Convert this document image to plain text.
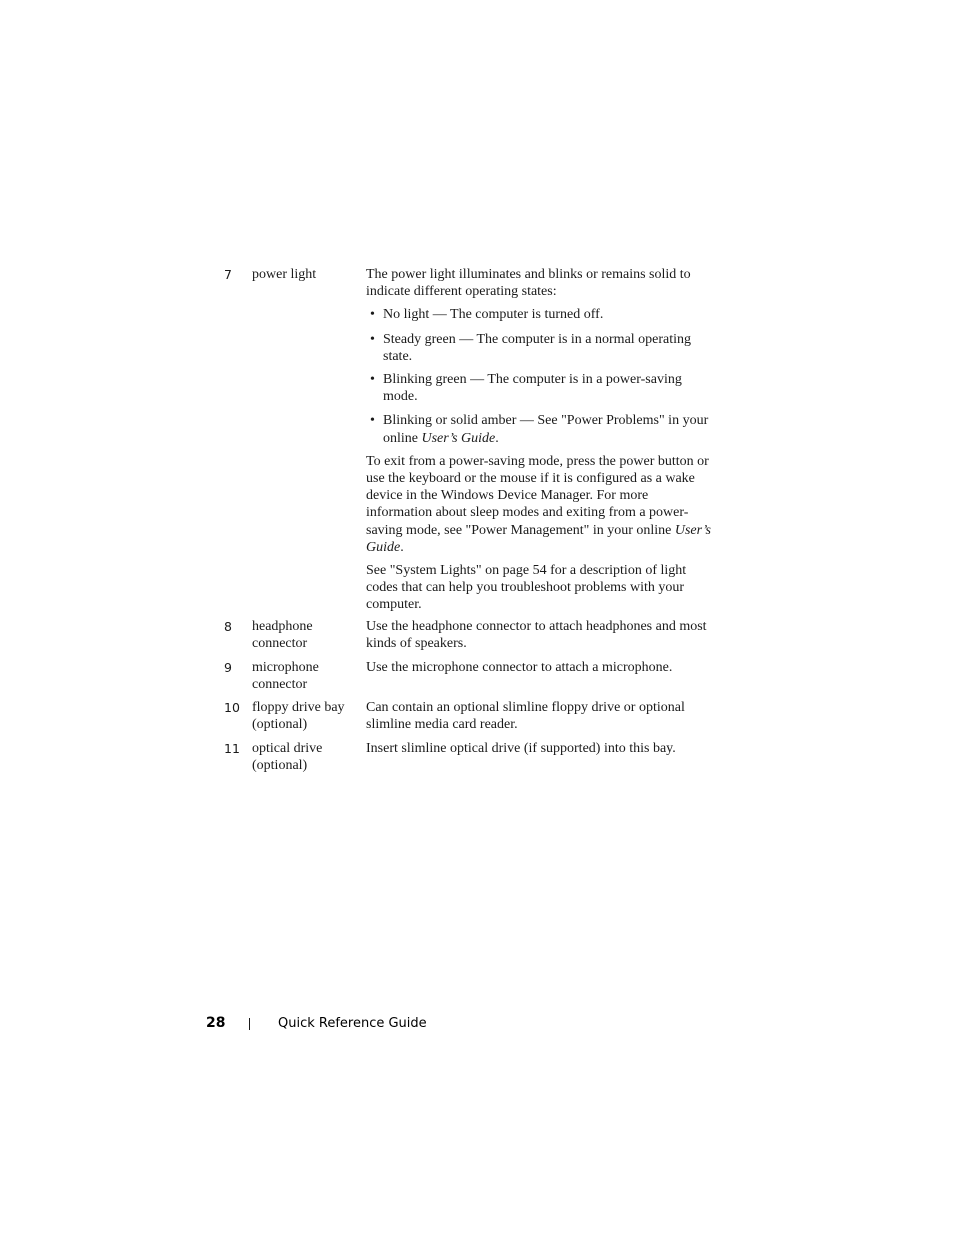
7 power light	The power light illuminates and blinks or remains solid to indicate different operating states:

• No light — The computer is turned off.

• Steady green — The computer is in a normal operating state.

• Blinking green — The computer is in a power-saving mode.

• Blinking or solid amber — See "Power Problems" in your online User’s Guide.

To exit from a power-saving mode, press the power button or use the keyboard or the mouse if it is configured as a wake device in the Windows Device Manager. For more information about sleep modes and exiting from a power-saving mode, see "Power Management" in your online User’s Guide.

See "System Lights" on page 54 for a description of light codes that can help you troubleshoot problems with your computer.

8 headphone
connector
Use the headphone connector to attach headphones and most kinds of speakers.
9 microphone
connector
Use the microphone connector to attach a microphone.
10 floppy drive bay
(optional)
Can contain an optional slimline floppy drive or optional slimline media card reader.
11 optical drive
(optional)
Insert slimline optical drive (if supported) into this bay.
28	Quick Reference Guide
